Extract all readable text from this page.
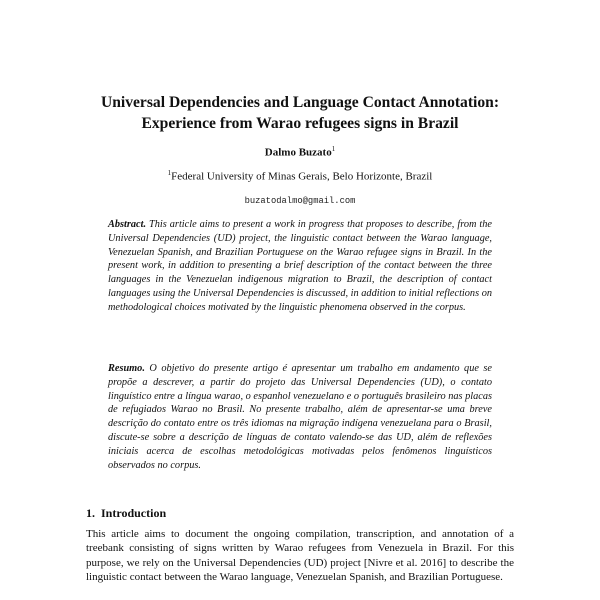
Universal Dependencies and Language Contact Annotation:
Experience from Warao refugees signs in Brazil
Dalmo Buzato$^1$
$^1$Federal University of Minas Gerais, Belo Horizonte, Brazil
buzatodalmo@gmail.com

Abstract. This article aims to present a work in progress that proposes to describe, from the Universal Dependencies (UD) project, the linguistic contact between the Warao language, Venezuelan Spanish, and Brazilian Portuguese on the Warao refugee signs in Brazil. In the present work, in addition to presenting a brief description of the contact between the three languages in the Venezuelan indigenous migration to Brazil, the description of contact languages using the Universal Dependencies is discussed, in addition to initial reflections on methodological choices motivated by the linguistic phenomena observed in the corpus.

Resumo. O objetivo do presente artigo é apresentar um trabalho em andamento que se propõe a descrever, a partir do projeto das Universal Dependencies (UD), o contato linguístico entre a língua warao, o espanhol venezuelano e o português brasileiro nas placas de refugiados Warao no Brasil. No presente trabalho, além de apresentar-se uma breve descrição do contato entre os três idiomas na migração indígena venezuelana para o Brasil, discute-se sobre a descrição de línguas de contato valendo-se das UD, além de reflexões iniciais acerca de escolhas metodológicas motivadas pelos fenômenos linguísticos observados no corpus.

1. Introduction

This article aims to document the ongoing compilation, transcription, and annotation of a treebank consisting of signs written by Warao refugees from Venezuela in Brazil. For this purpose, we rely on the Universal Dependencies (UD) project [Nivre et al. 2016] to describe the linguistic contact between the Warao language, Venezuelan Spanish, and Brazilian Portuguese.
